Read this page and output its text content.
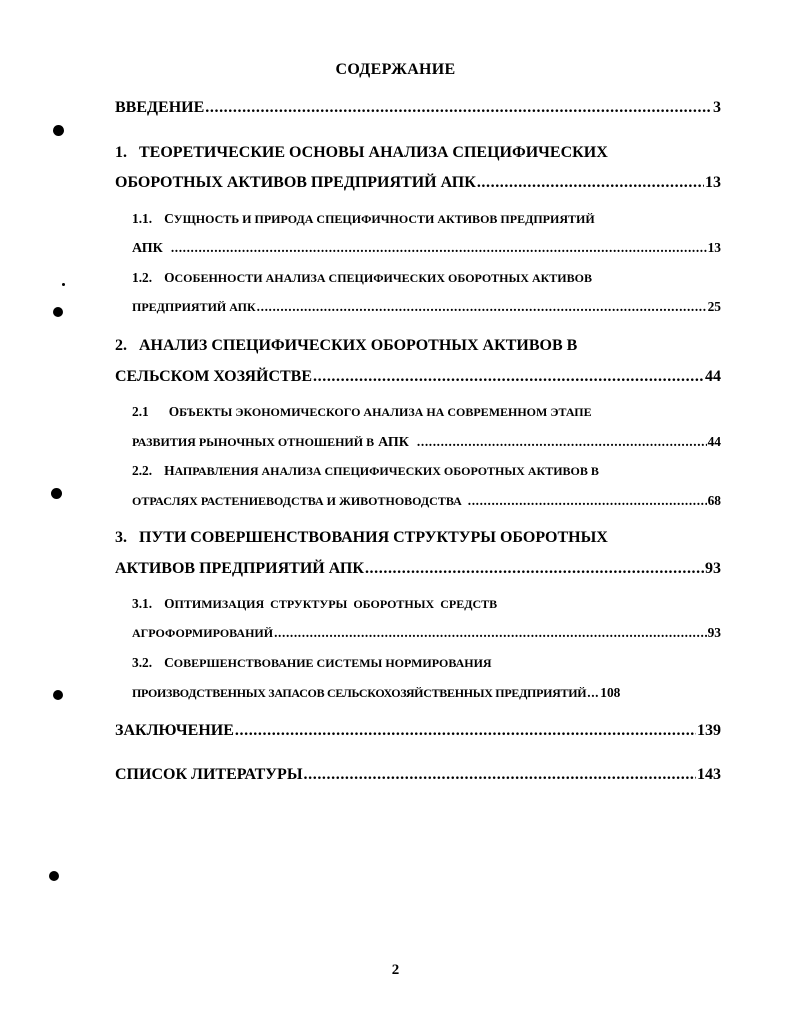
СОДЕРЖАНИЕ
ВВЕДЕНИЕ .....	3
1. ТЕОРЕТИЧЕСКИЕ ОСНОВЫ АНАЛИЗА СПЕЦИФИЧЕСКИХ
ОБОРОТНЫХ АКТИВОВ ПРЕДПРИЯТИЙ АПК .....	13
1.1. С УЩНОСТЬ И ПРИРОДА СПЕЦИФИЧНОСТИ АКТИВОВ ПРЕДПРИЯТИЙ
АПК .....	13
1.2. О СОБЕННОСТИ АНАЛИЗА СПЕЦИФИЧЕСКИХ ОБОРОТНЫХ АКТИВОВ
ПРЕДПРИЯТИЙ АПК .....	25
2. АНАЛИЗ СПЕЦИФИЧЕСКИХ ОБОРОТНЫХ АКТИВОВ В
СЕЛЬСКОМ ХОЗЯЙСТВЕ .....	44
2.1 О БЪЕКТЫ ЭКОНОМИЧЕСКОГО АНАЛИЗА НА СОВРЕМЕННОМ ЭТАПЕ
РАЗВИТИЯ РЫНОЧНЫХ ОТНОШЕНИЙ В АПК .....	44
2.2. Н АПРАВЛЕНИЯ АНАЛИЗА СПЕЦИФИЧЕСКИХ ОБОРОТНЫХ АКТИВОВ В
ОТРАСЛЯХ РАСТЕНИЕВОДСТВА И ЖИВОТНОВОДСТВА .....	68
3. ПУТИ СОВЕРШЕНСТВОВАНИЯ СТРУКТУРЫ ОБОРОТНЫХ
АКТИВОВ ПРЕДПРИЯТИЙ АПК .....	93
3.1. О ПТИМИЗАЦИЯ  СТРУКТУРЫ  ОБОРОТНЫХ  СРЕДСТВ
АГРОФОРМИРОВАНИЙ .....	93
3.2. С ОВЕРШЕНСТВОВАНИЕ СИСТЕМЫ НОРМИРОВАНИЯ
ПРОИЗВОДСТВЕННЫХ ЗАПАСОВ СЕЛЬСКОХОЗЯЙСТВЕННЫХ ПРЕДПРИЯТИЙ ..... 108
ЗАКЛЮЧЕНИЕ .....	139
СПИСОК ЛИТЕРАТУРЫ .....	143
2
